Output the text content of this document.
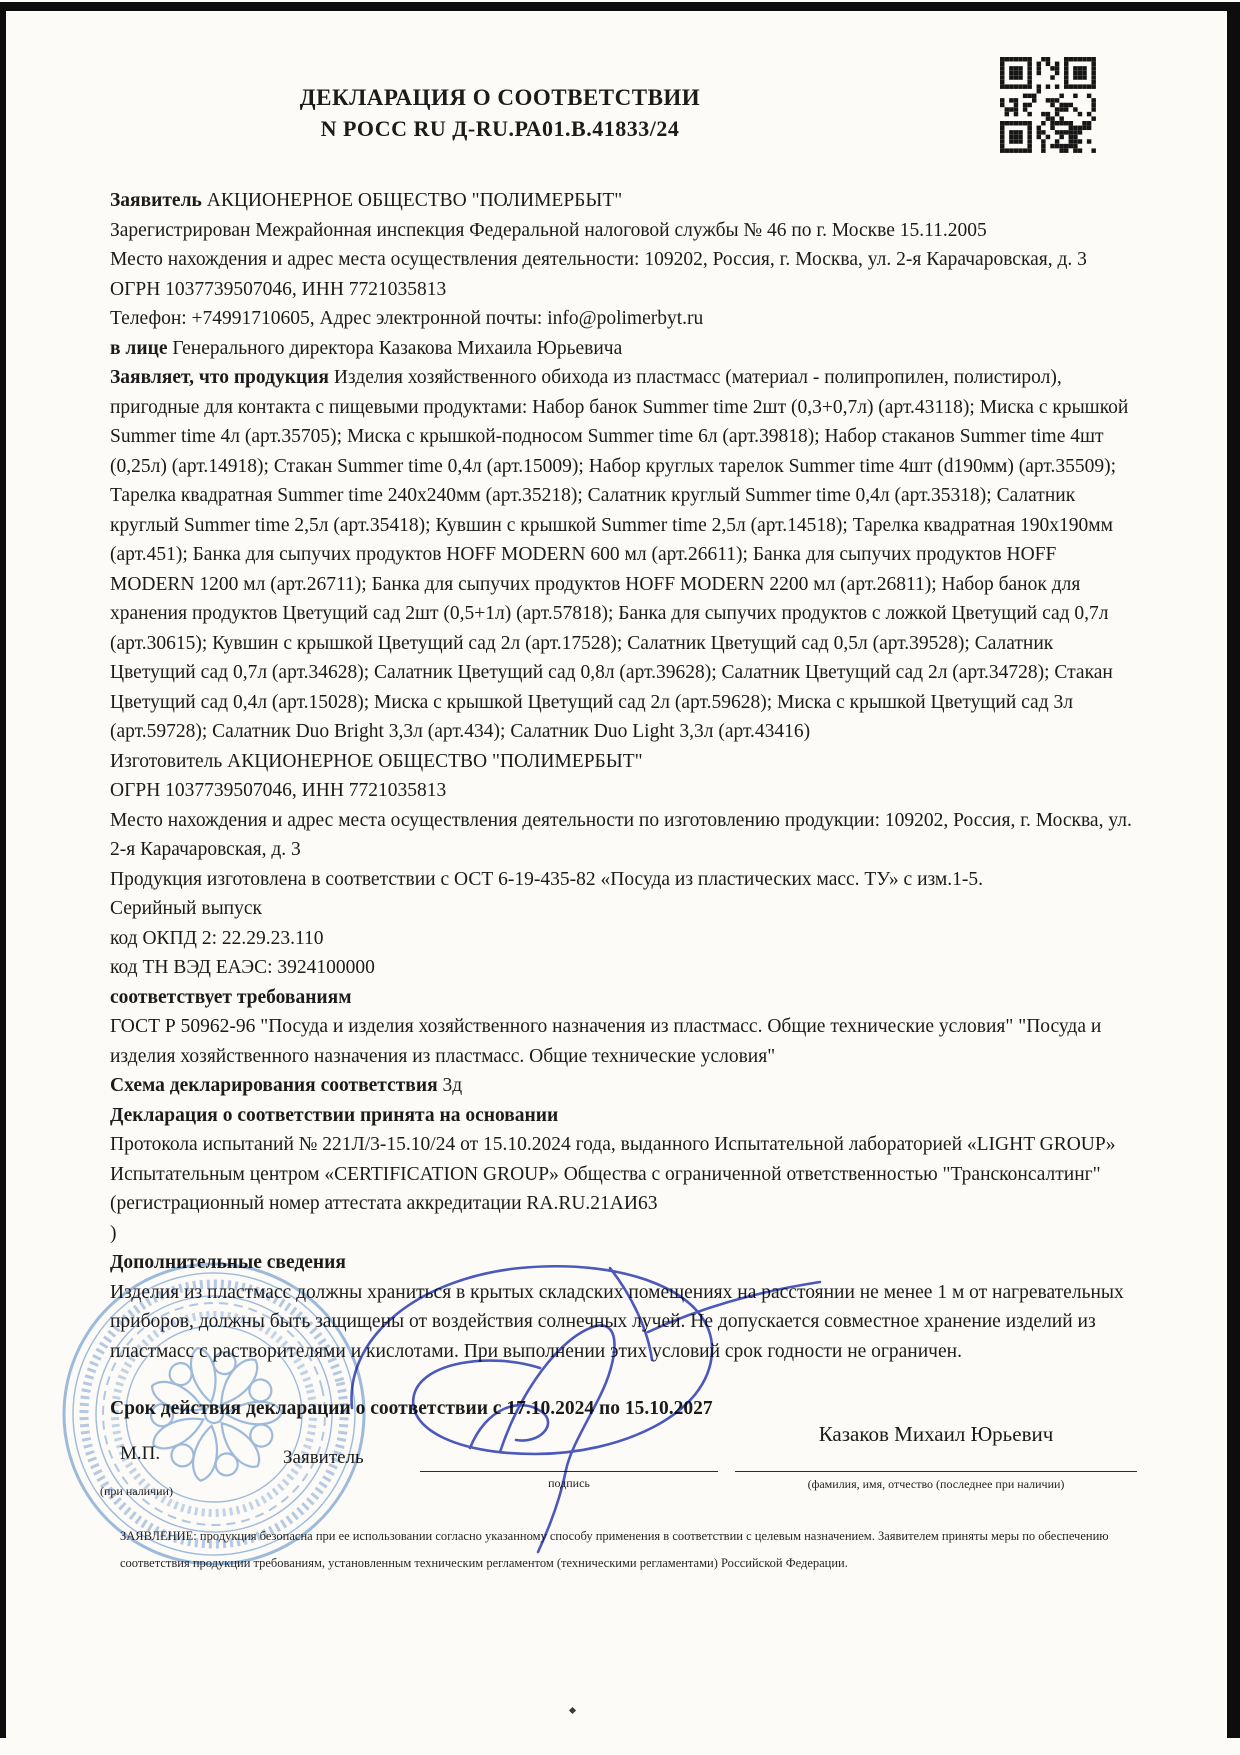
ДЕКЛАРАЦИЯ О СООТВЕТСТВИИ
N РОСС RU Д-RU.РА01.В.41833/24
Заявитель АКЦИОНЕРНОЕ ОБЩЕСТВО "ПОЛИМЕРБЫТ"
Зарегистрирован Межрайонная инспекция Федеральной налоговой службы № 46 по г. Москве 15.11.2005
Место нахождения и адрес места осуществления деятельности: 109202, Россия, г. Москва, ул. 2-я Карачаровская, д. 3
ОГРН 1037739507046, ИНН 7721035813
Телефон: +74991710605, Адрес электронной почты: info@polimerbyt.ru
в лице Генерального директора Казакова Михаила Юрьевича
Заявляет, что продукция Изделия хозяйственного обихода из пластмасс (материал - полипропилен, полистирол), пригодные для контакта с пищевыми продуктами: Набор банок Summer time 2шт (0,3+0,7л) (арт.43118); Миска с крышкой Summer time 4л (арт.35705); Миска с крышкой-подносом Summer time 6л (арт.39818); Набор стаканов Summer time 4шт (0,25л) (арт.14918); Стакан Summer time 0,4л (арт.15009); Набор круглых тарелок Summer time 4шт (d190мм) (арт.35509); Тарелка квадратная Summer time 240x240мм (арт.35218); Салатник круглый Summer time 0,4л (арт.35318); Салатник круглый Summer time 2,5л (арт.35418); Кувшин с крышкой Summer time 2,5л (арт.14518); Тарелка квадратная 190x190мм (арт.451); Банка для сыпучих продуктов HOFF MODERN 600 мл (арт.26611); Банка для сыпучих продуктов HOFF MODERN 1200 мл (арт.26711); Банка для сыпучих продуктов HOFF MODERN 2200 мл (арт.26811); Набор банок для хранения продуктов Цветущий сад 2шт (0,5+1л) (арт.57818); Банка для сыпучих продуктов с ложкой Цветущий сад 0,7л (арт.30615); Кувшин с крышкой Цветущий сад 2л (арт.17528); Салатник Цветущий сад 0,5л (арт.39528); Салатник Цветущий сад 0,7л (арт.34628); Салатник Цветущий сад 0,8л (арт.39628); Салатник Цветущий сад 2л (арт.34728); Стакан Цветущий сад 0,4л (арт.15028); Миска с крышкой Цветущий сад 2л (арт.59628); Миска с крышкой Цветущий сад 3л (арт.59728); Салатник Duo Bright 3,3л (арт.434); Салатник Duo Light 3,3л (арт.43416)
Изготовитель АКЦИОНЕРНОЕ ОБЩЕСТВО "ПОЛИМЕРБЫТ"
ОГРН 1037739507046, ИНН 7721035813
Место нахождения и адрес места осуществления деятельности по изготовлению продукции: 109202, Россия, г. Москва, ул. 2-я Карачаровская, д. 3
Продукция изготовлена в соответствии с ОСТ 6-19-435-82 «Посуда из пластических масс. ТУ» с изм.1-5.
Серийный выпуск
код ОКПД 2: 22.29.23.110
код ТН ВЭД ЕАЭС: 3924100000
соответствует требованиям
ГОСТ Р 50962-96 "Посуда и изделия хозяйственного назначения из пластмасс. Общие технические условия" "Посуда и изделия хозяйственного назначения из пластмасс. Общие технические условия"
Схема декларирования соответствия 3д
Декларация о соответствии принята на основании
Протокола испытаний № 221Л/3-15.10/24 от 15.10.2024 года, выданного Испытательной лабораторией «LIGHT GROUP» Испытательным центром «CERTIFICATION GROUP» Общества с ограниченной ответственностью "Трансконсалтинг" (регистрационный номер аттестата аккредитации RA.RU.21АИ63
)
Дополнительные сведения
Изделия из пластмасс должны храниться в крытых складских помещениях на расстоянии не менее 1 м от нагревательных приборов, должны быть защищены от воздействия солнечных лучей. Не допускается совместное хранение изделий из пластмасс с растворителями и кислотами. При выполнении этих условий срок годности не ограничен.
Срок действия декларации о соответствии с 17.10.2024 по 15.10.2027
М.П.
(при наличии)
Заявитель
подпись
Казаков Михаил Юрьевич
(фамилия, имя, отчество (последнее при наличии)
ЗАЯВЛЕНИЕ: продукция безопасна при ее использовании согласно указанному способу применения в соответствии с целевым назначением. Заявителем приняты меры по обеспечению соответствия продукции требованиям, установленным техническим регламентом (техническими регламентами) Российской Федерации.
